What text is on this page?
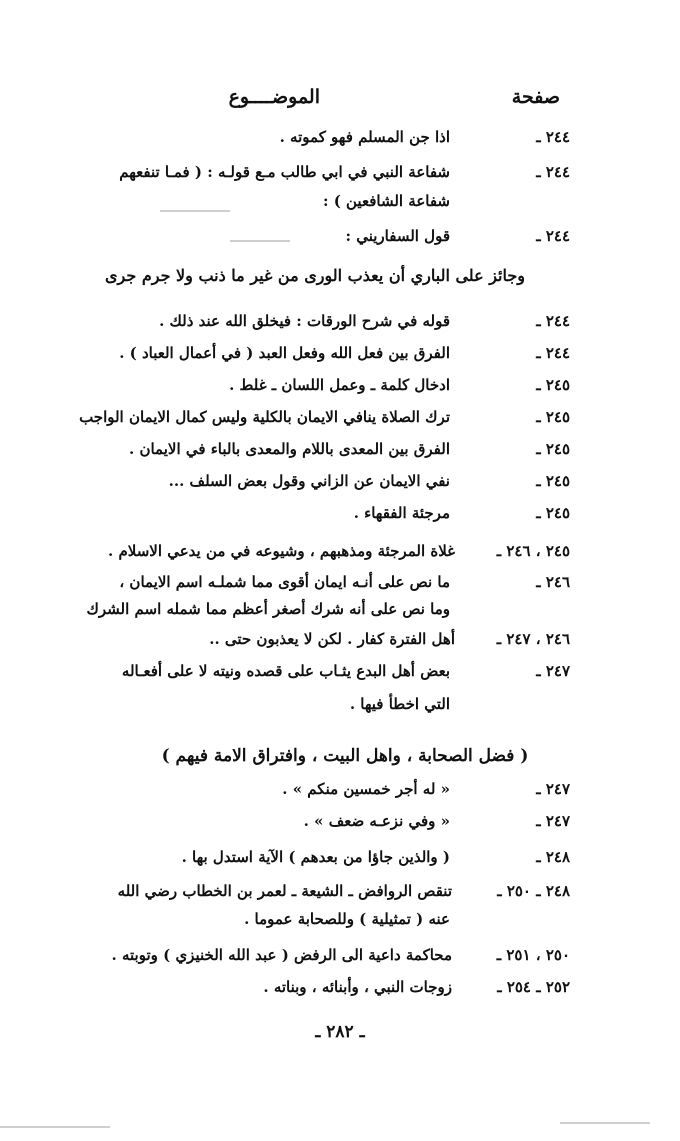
صفحة
الموضــــوع
٢٤٤ ـ
اذا جن المسلم فهو كموته .
٢٤٤ ـ
شفاعة النبي في ابي طالب مـع قولـه : ( فمـا تنفعهم
شفاعة الشافعين ) :
٢٤٤ ـ
قول السفاريني :
وجائز على الباري أن يعذب الورى من غير ما ذنب ولا جرم جرى
٢٤٤ ـ
قوله في شرح الورقات : فيخلق الله عند ذلك .
٢٤٤ ـ
الفرق بين فعل الله وفعل العبد ( في أعمال العباد ) .
٢٤٥ ـ
ادخال كلمة ـ وعمل اللسان ـ غلط .
٢٤٥ ـ
ترك الصلاة ينافي الايمان بالكلية وليس كمال الايمان الواجب
٢٤٥ ـ
الفرق بين المعدى باللام والمعدى بالباء في الايمان .
٢٤٥ ـ
نفي الايمان عن الزاني وقول بعض السلف ...
٢٤٥ ـ
مرجئة الفقهاء .
٢٤٥ ، ٢٤٦ ـ
غلاة المرجئة ومذهبهم ، وشيوعه في من يدعي الاسلام .
٢٤٦ ـ
ما نص على أنـه ايمان أقوى مما شملـه اسم الايمان ،
وما نص على أنه شرك أصغر أعظم مما شمله اسم الشرك
٢٤٦ ، ٢٤٧ ـ
أهل الفترة كفار . لكن لا يعذبون حتى ..
٢٤٧ ـ
بعض أهل البدع يثـاب على قصده ونيته لا على أفعـاله
التي اخطأ فيها .
( فضل الصحابة ، واهل البيت ، وافتراق الامة فيهم )
٢٤٧ ـ
« له أجر خمسين منكم » .
٢٤٧ ـ
« وفي نزعـه ضعف » .
٢٤٨ ـ
( والذين جاؤا من بعدهم ) الآية استدل بها .
٢٤٨ ـ ٢٥٠ ـ
تنقص الروافض ـ الشيعة ـ لعمر بن الخطاب رضي الله
عنه ( تمثيلية ) وللصحابة عموما .
٢٥٠ ، ٢٥١ ـ
محاكمة داعية الى الرفض ( عبد الله الخنيزي ) وتوبته .
٢٥٢ ـ ٢٥٤ ـ
زوجات النبي ، وأبنائه ، وبناته .
ـ ٢٨٢ ـ
